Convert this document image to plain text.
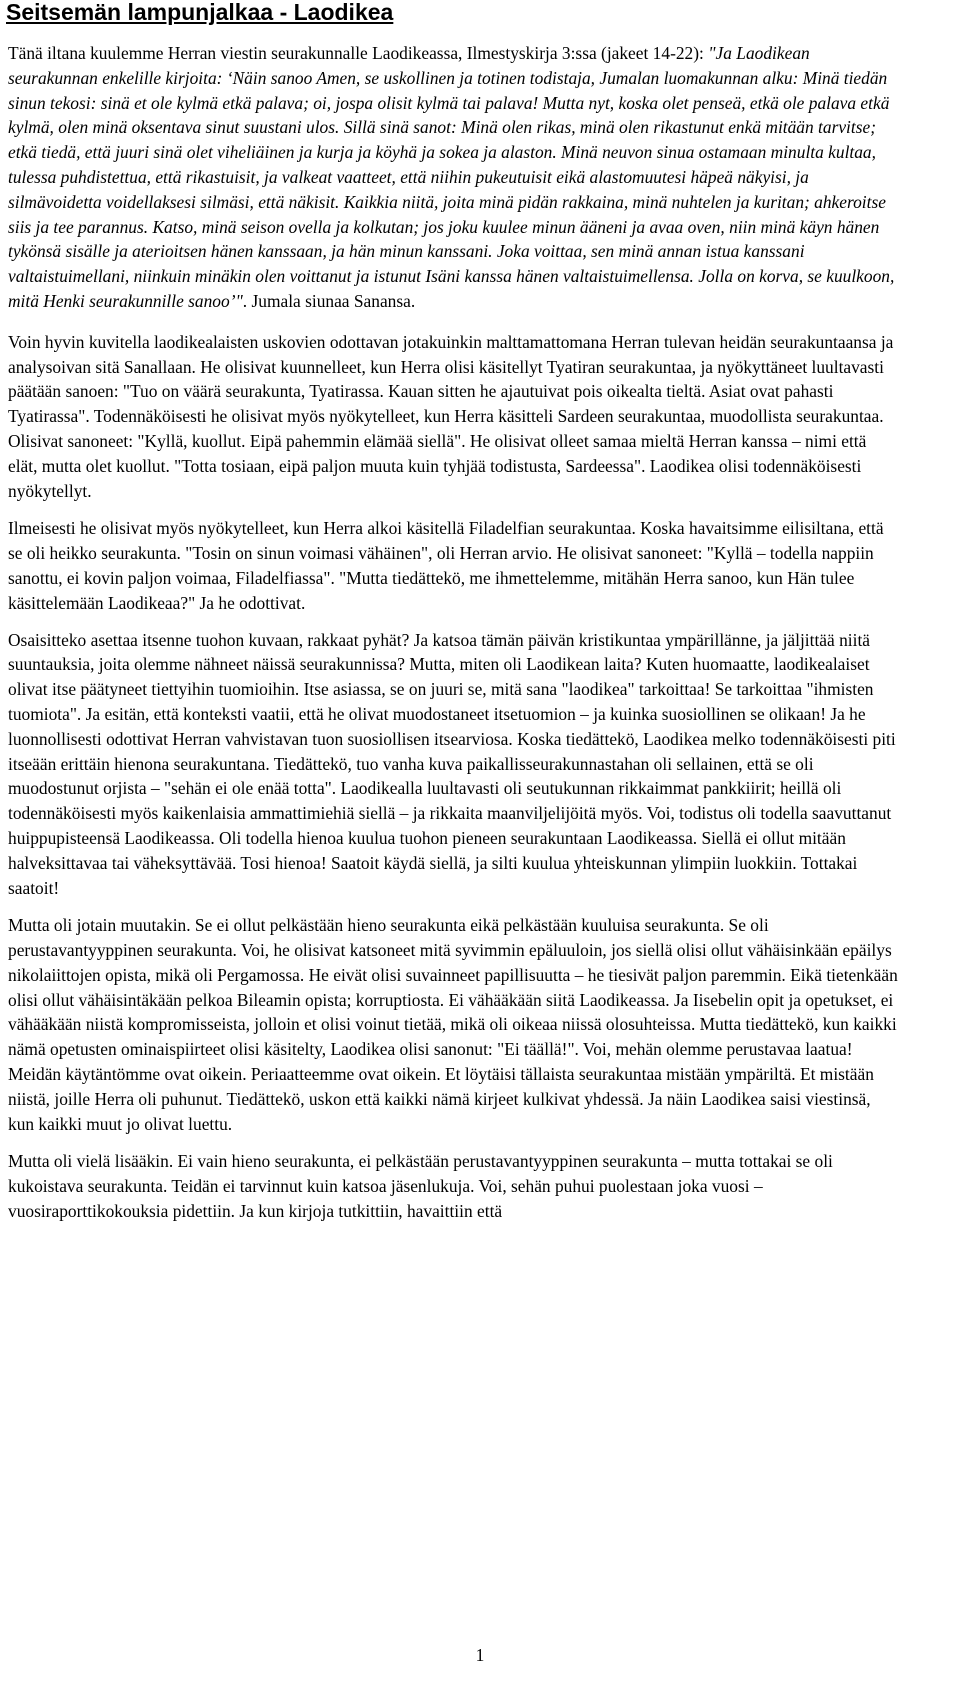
Seitsemän lampunjalkaa - Laodikea

Tänä iltana kuulemme Herran viestin seurakunnalle Laodikeassa, Ilmestyskirja 3:ssa (jakeet 14-22): "Ja Laodikean seurakunnan enkelille kirjoita: ‘Näin sanoo Amen, se uskollinen ja totinen todistaja, Jumalan luomakunnan alku: Minä tiedän sinun tekosi: sinä et ole kylmä etkä palava; oi, jospa olisit kylmä tai palava! Mutta nyt, koska olet penseä, etkä ole palava etkä kylmä, olen minä oksentava sinut suustani ulos. Sillä sinä sanot: Minä olen rikas, minä olen rikastunut enkä mitään tarvitse; etkä tiedä, että juuri sinä olet viheliäinen ja kurja ja köyhä ja sokea ja alaston. Minä neuvon sinua ostamaan minulta kultaa, tulessa puhdistettua, että rikastuisit, ja valkeat vaatteet, että niihin pukeutuisit eikä alastomuutesi häpeä näkyisi, ja silmävoidetta voidellaksesi silmäsi, että näkisit. Kaikkia niitä, joita minä pidän rakkaina, minä nuhtelen ja kuritan; ahkeroitse siis ja tee parannus. Katso, minä seison ovella ja kolkutan; jos joku kuulee minun ääneni ja avaa oven, niin minä käyn hänen tykönsä sisälle ja aterioitsen hänen kanssaan, ja hän minun kanssani. Joka voittaa, sen minä annan istua kanssani valtaistuimellani, niinkuin minäkin olen voittanut ja istunut Isäni kanssa hänen valtaistuimellensa. Jolla on korva, se kuulkoon, mitä Henki seurakunnille sanoo’". Jumala siunaa Sanansa.

Voin hyvin kuvitella laodikealaisten uskovien odottavan jotakuinkin malttamattomana Herran tulevan heidän seurakuntaansa ja analysoivan sitä Sanallaan. He olisivat kuunnelleet, kun Herra olisi käsitellyt Tyatiran seurakuntaa, ja nyökyttäneet luultavasti päätään sanoen: "Tuo on väärä seurakunta, Tyatirassa. Kauan sitten he ajautuivat pois oikealta tieltä. Asiat ovat pahasti Tyatirassa". Todennäköisesti he olisivat myös nyökytelleet, kun Herra käsitteli Sardeen seurakuntaa, muodollista seurakuntaa. Olisivat sanoneet: "Kyllä, kuollut. Eipä pahemmin elämää siellä". He olisivat olleet samaa mieltä Herran kanssa – nimi että elät, mutta olet kuollut. "Totta tosiaan, eipä paljon muuta kuin tyhjää todistusta, Sardeessa". Laodikea olisi todennäköisesti nyökytellyt.

Ilmeisesti he olisivat myös nyökytelleet, kun Herra alkoi käsitellä Filadelfian seurakuntaa. Koska havaitsimme eilisiltana, että se oli heikko seurakunta. "Tosin on sinun voimasi vähäinen", oli Herran arvio. He olisivat sanoneet: "Kyllä – todella nappiin sanottu, ei kovin paljon voimaa, Filadelfiassa". "Mutta tiedättekö, me ihmettelemme, mitähän Herra sanoo, kun Hän tulee käsittelemään Laodikeaa?" Ja he odottivat.

Osaisitteko asettaa itsenne tuohon kuvaan, rakkaat pyhät? Ja katsoa tämän päivän kristikuntaa ympärillänne, ja jäljittää niitä suuntauksia, joita olemme nähneet näissä seurakunnissa? Mutta, miten oli Laodikean laita? Kuten huomaatte, laodikealaiset olivat itse päätyneet tiettyihin tuomioihin. Itse asiassa, se on juuri se, mitä sana "laodikea" tarkoittaa! Se tarkoittaa "ihmisten tuomiota". Ja esitän, että konteksti vaatii, että he olivat muodostaneet itsetuomion – ja kuinka suosiollinen se olikaan! Ja he luonnollisesti odottivat Herran vahvistavan tuon suosiollisen itsearviosa. Koska tiedättekö, Laodikea melko todennäköisesti piti itseään erittäin hienona seurakuntana. Tiedättekö, tuo vanha kuva paikallisseurakunnastahan oli sellainen, että se oli muodostunut orjista – "sehän ei ole enää totta". Laodikealla luultavasti oli seutukunnan rikkaimmat pankkiirit; heillä oli todennäköisesti myös kaikenlaisia ammattimiehiä siellä – ja rikkaita maanviljelijöitä myös. Voi, todistus oli todella saavuttanut huippupisteensä Laodikeassa. Oli todella hienoa kuulua tuohon pieneen seurakuntaan Laodikeassa. Siellä ei ollut mitään halveksittavaa tai väheksyttävää. Tosi hienoa! Saatoit käydä siellä, ja silti kuulua yhteiskunnan ylimpiin luokkiin. Tottakai saatoit!

Mutta oli jotain muutakin. Se ei ollut pelkästään hieno seurakunta eikä pelkästään kuuluisa seurakunta. Se oli perustavantyyppinen seurakunta. Voi, he olisivat katsoneet mitä syvimmin epäluuloin, jos siellä olisi ollut vähäisinkään epäilys nikolaiittojen opista, mikä oli Pergamossa. He eivät olisi suvainneet papillisuutta – he tiesivät paljon paremmin. Eikä tietenkään olisi ollut vähäisintäkään pelkoa Bileamin opista; korruptiosta. Ei vähääkään siitä Laodikeassa. Ja Iisebelin opit ja opetukset, ei vähääkään niistä kompromisseista, jolloin et olisi voinut tietää, mikä oli oikeaa niissä olosuhteissa. Mutta tiedättekö, kun kaikki nämä opetusten ominaispiirteet olisi käsitelty, Laodikea olisi sanonut: "Ei täällä!". Voi, mehän olemme perustavaa laatua! Meidän käytäntömme ovat oikein. Periaatteemme ovat oikein. Et löytäisi tällaista seurakuntaa mistään ympäriltä. Et mistään niistä, joille Herra oli puhunut. Tiedättekö, uskon että kaikki nämä kirjeet kulkivat yhdessä. Ja näin Laodikea saisi viestinsä, kun kaikki muut jo olivat luettu.

Mutta oli vielä lisääkin. Ei vain hieno seurakunta, ei pelkästään perustavantyyppinen seurakunta – mutta tottakai se oli kukoistava seurakunta. Teidän ei tarvinnut kuin katsoa jäsenlukuja. Voi, sehän puhui puolestaan joka vuosi – vuosiraporttikokouksia pidettiin. Ja kun kirjoja tutkittiin, havaittiin että

1
